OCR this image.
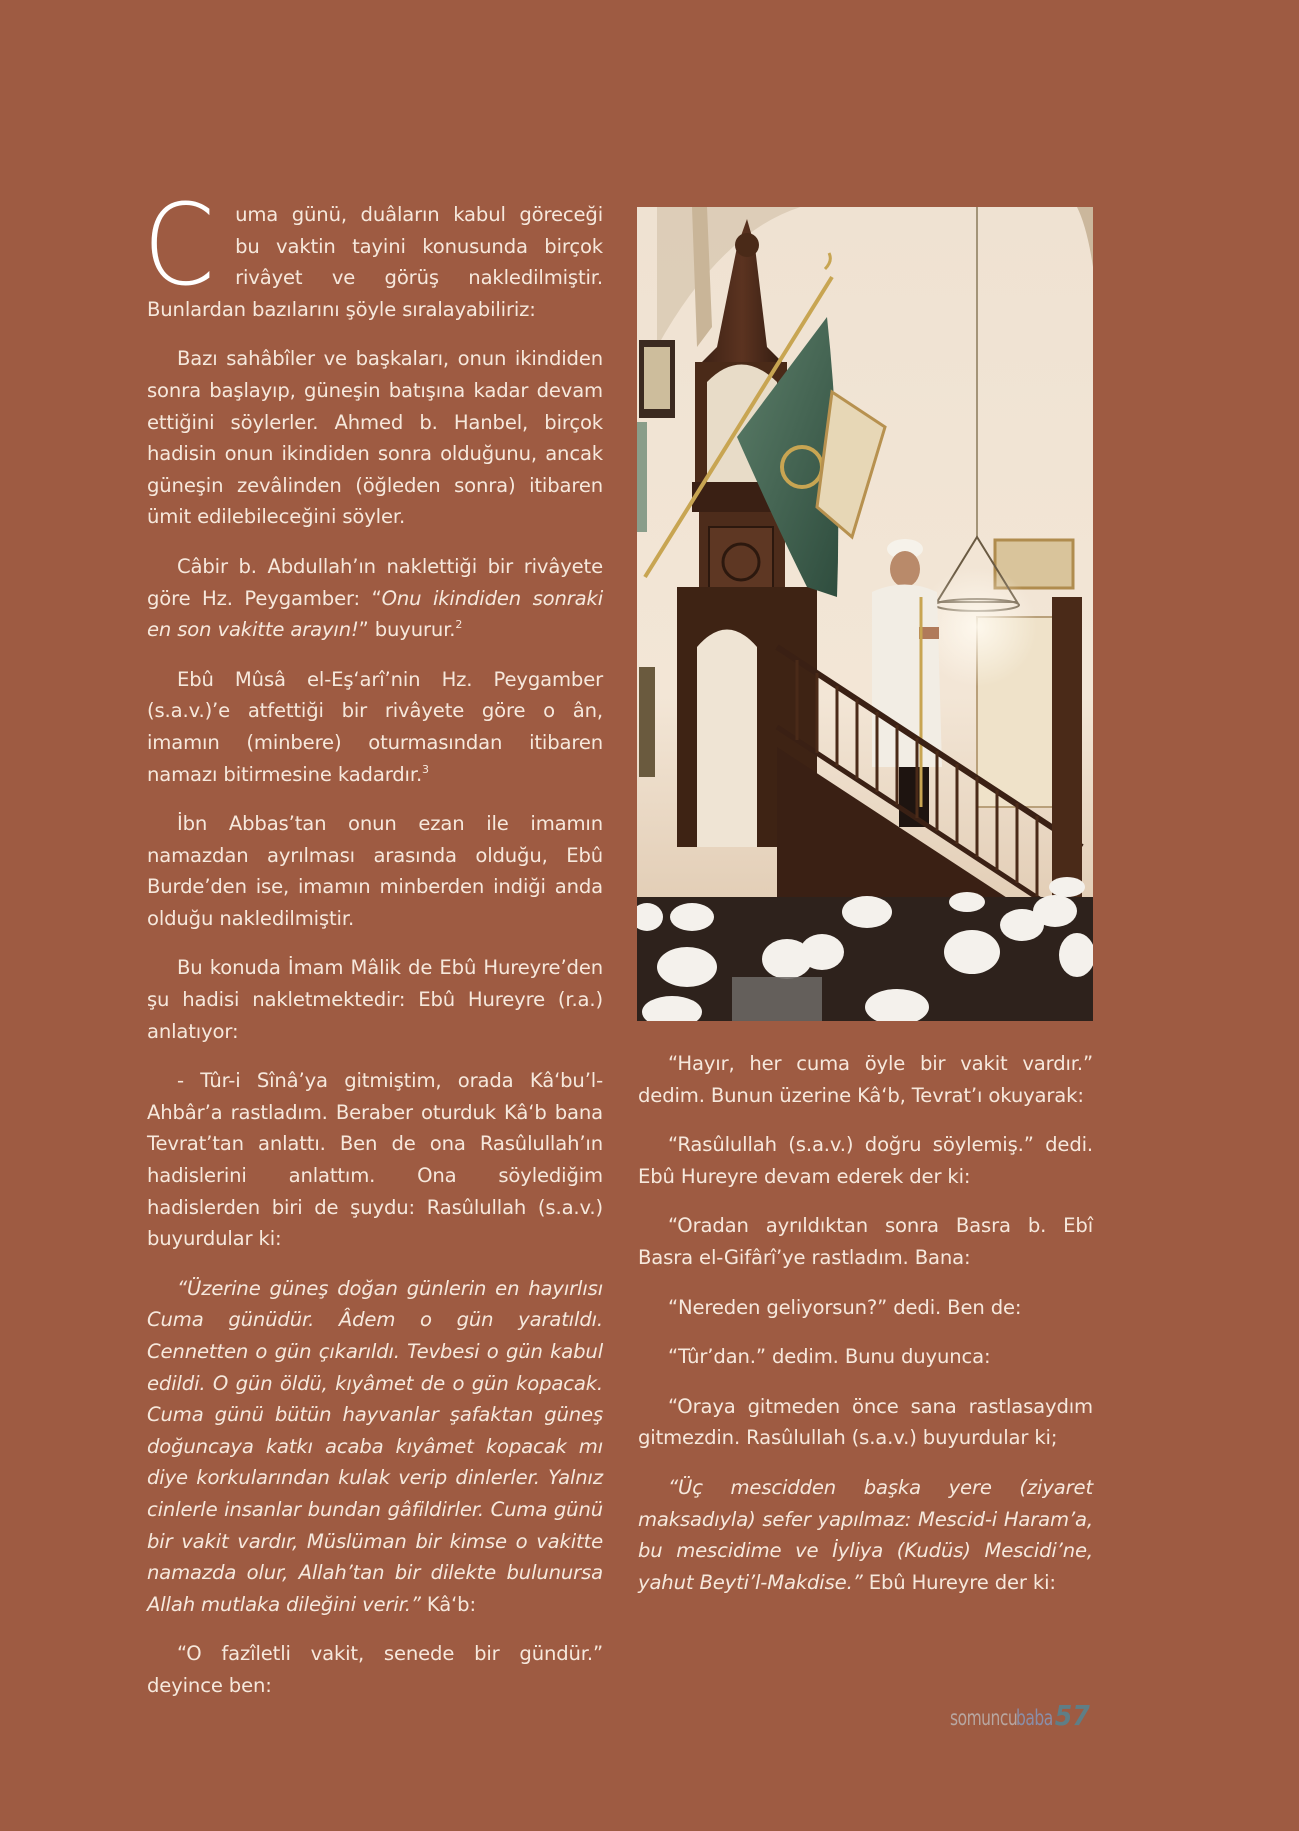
C uma günü, duâların kabul göreceği bu vaktin tayini konusunda birçok rivâyet ve görüş nakledilmiştir. Bunlardan bazılarını şöyle sıralayabiliriz:

Bazı sahâbîler ve başkaları, onun ikindiden sonra başlayıp, güneşin batışına kadar devam ettiğini söylerler. Ahmed b. Hanbel, birçok hadisin onun ikindiden sonra olduğunu, ancak güneşin zevâlinden (öğleden sonra) itibaren ümit edilebileceğini söyler.

Câbir b. Abdullah’ın naklettiği bir rivâyete göre Hz. Peygamber: “Onu ikindiden sonraki en son vakitte arayın!” buyurur.$^2$

Ebû Mûsâ el-Eş‘arî’nin Hz. Peygamber (s.a.v.)’e atfettiği bir rivâyete göre o ân, imamın (minbere) oturmasından itibaren namazı bitirmesine kadardır.$^3$

İbn Abbas’tan onun ezan ile imamın namazdan ayrılması arasında olduğu, Ebû Burde’den ise, imamın minberden indiği anda olduğu nakledilmiştir.

Bu konuda İmam Mâlik de Ebû Hureyre’den şu hadisi nakletmektedir: Ebû Hureyre (r.a.) anlatıyor:

- Tûr-i Sînâ’ya gitmiştim, orada Kâ‘bu’l-Ahbâr’a rastladım. Beraber oturduk Kâ‘b bana Tevrat’tan anlattı. Ben de ona Rasûlullah’ın hadislerini anlattım. Ona söylediğim hadislerden biri de şuydu: Rasûlullah (s.a.v.) buyurdular ki:

“Üzerine güneş doğan günlerin en hayırlısı Cuma günüdür. Âdem o gün yaratıldı. Cennetten o gün çıkarıldı. Tevbesi o gün kabul edildi. O gün öldü, kıyâmet de o gün kopacak. Cuma günü bütün hayvanlar şafaktan güneş doğuncaya katkı acaba kıyâmet kopacak mı diye korkularından kulak verip dinlerler. Yalnız cinlerle insanlar bundan gâfildirler. Cuma günü bir vakit vardır, Müslüman bir kimse o vakitte namazda olur, Allah’tan bir dilekte bulunursa Allah mutlaka dileğini verir.” Kâ‘b:

“O fazîletli vakit, senede bir gündür.” deyince ben:

“Hayır, her cuma öyle bir vakit vardır.” dedim. Bunun üzerine Kâ‘b, Tevrat’ı okuyarak:

“Rasûlullah (s.a.v.) doğru söylemiş.” dedi. Ebû Hureyre devam ederek der ki:

“Oradan ayrıldıktan sonra Basra b. Ebî Basra el-Gifârî’ye rastladım. Bana:

“Nereden geliyorsun?” dedi. Ben de:

“Tûr’dan.” dedim. Bunu duyunca:

“Oraya gitmeden önce sana rastlasaydım gitmezdin. Rasûlullah (s.a.v.) buyurdular ki;

“Üç mescidden başka yere (ziyaret maksadıyla) sefer yapılmaz: Mescid-i Haram’a, bu mescidime ve İyliya (Kudüs) Mescidi’ne, yahut Beyti’l-Makdise.” Ebû Hureyre der ki:

somuncu
baba 57
